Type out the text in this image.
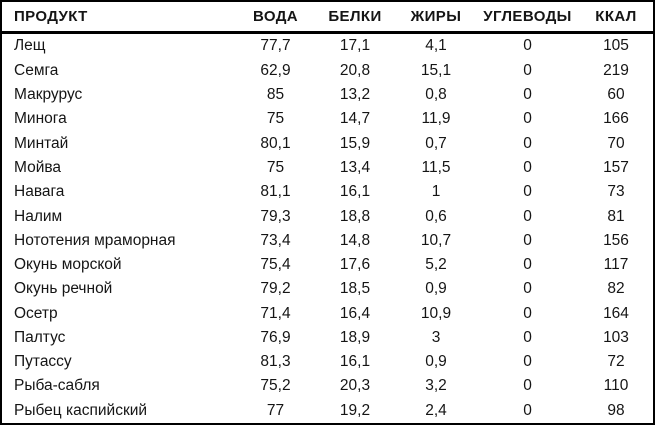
ПРОДУКТ	ВОДА	БЕЛКИ	ЖИРЫ	УГЛЕВОДЫ	ККАЛ
Лещ	77,7	17,1	4,1	0	105
Семга	62,9	20,8	15,1	0	219
Макрурус	85	13,2	0,8	0	60
Минога	75	14,7	11,9	0	166
Минтай	80,1	15,9	0,7	0	70
Мойва	75	13,4	11,5	0	157
Навага	81,1	16,1	1	0	73
Налим	79,3	18,8	0,6	0	81
Нототения мраморная	73,4	14,8	10,7	0	156
Окунь морской	75,4	17,6	5,2	0	117
Окунь речной	79,2	18,5	0,9	0	82
Осетр	71,4	16,4	10,9	0	164
Палтус	76,9	18,9	3	0	103
Путассу	81,3	16,1	0,9	0	72
Рыба-сабля	75,2	20,3	3,2	0	110
Рыбец каспийский	77	19,2	2,4	0	98
